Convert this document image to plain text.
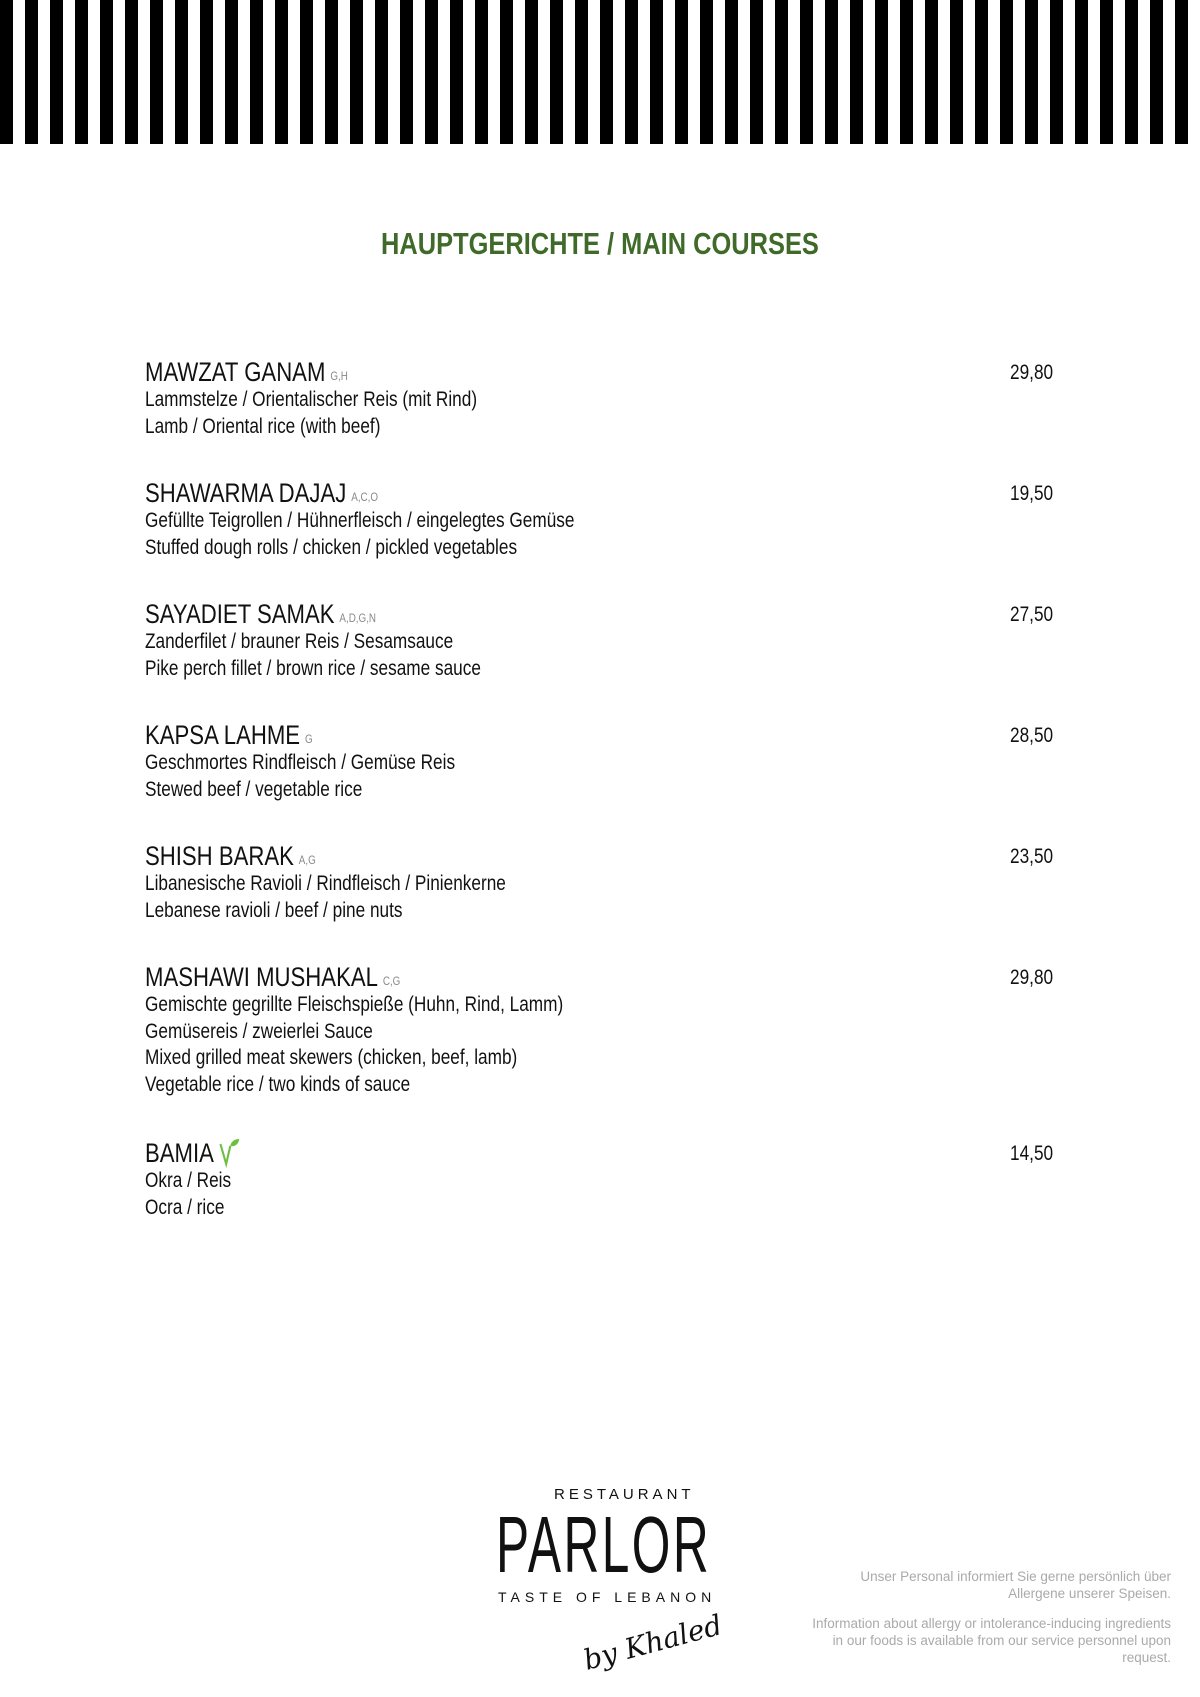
HAUPTGERICHTE / MAIN COURSES
MAWZAT GANAM $^{G,H}$
Lammstelze / Orientalischer Reis (mit Rind)
Lamb / Oriental rice (with beef)
29,80
SHAWARMA DAJAJ $^{A,C,O}$
Gefüllte Teigrollen / Hühnerfleisch / eingelegtes Gemüse
Stuffed dough rolls / chicken / pickled vegetables
19,50
SAYADIET SAMAK $^{A,D,G,N}$
Zanderfilet / brauner Reis / Sesamsauce
Pike perch fillet / brown rice / sesame sauce
27,50
KAPSA LAHME $^G$
Geschmortes Rindfleisch / Gemüse Reis
Stewed beef / vegetable rice
28,50
SHISH BARAK $^{A,G}$
Libanesische Ravioli / Rindfleisch / Pinienkerne
Lebanese ravioli / beef / pine nuts
23,50
MASHAWI MUSHAKAL $^{C,G}$
Gemischte gegrillte Fleischspieße (Huhn, Rind, Lamm)
Gemüsereis / zweierlei Sauce
Mixed grilled meat skewers (chicken, beef, lamb)
Vegetable rice / two kinds of sauce
29,80
BAMIA
Okra / Reis
Ocra / rice
14,50
RESTAURANT
PARLOR
TASTE OF LEBANON
by Khaled

Unser Personal informiert Sie gerne persönlich über Allergene unserer Speisen.

Information about allergy or intolerance-inducing ingredients in our foods is available from our service personnel upon request.
